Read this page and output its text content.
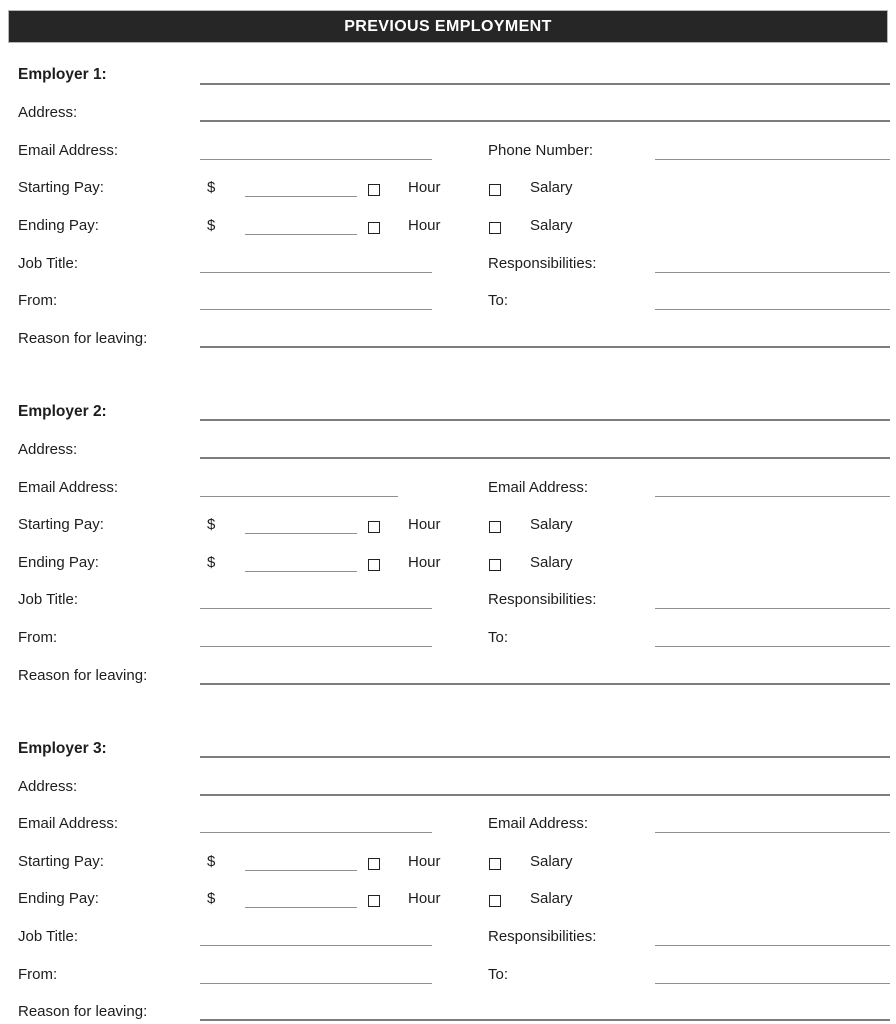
PREVIOUS EMPLOYMENT
Employer 1:
Address:
Email Address:	Phone Number:
Starting Pay:	$	Hour	Salary
Ending Pay:	$	Hour	Salary
Job Title:	Responsibilities:
From:	To:
Reason for leaving:
Employer 2:
Address:
Email Address:	Email Address:
Starting Pay:	$	Hour	Salary
Ending Pay:	$	Hour	Salary
Job Title:	Responsibilities:
From:	To:
Reason for leaving:
Employer 3:
Address:
Email Address:	Email Address:
Starting Pay:	$	Hour	Salary
Ending Pay:	$	Hour	Salary
Job Title:	Responsibilities:
From:	To:
Reason for leaving:
